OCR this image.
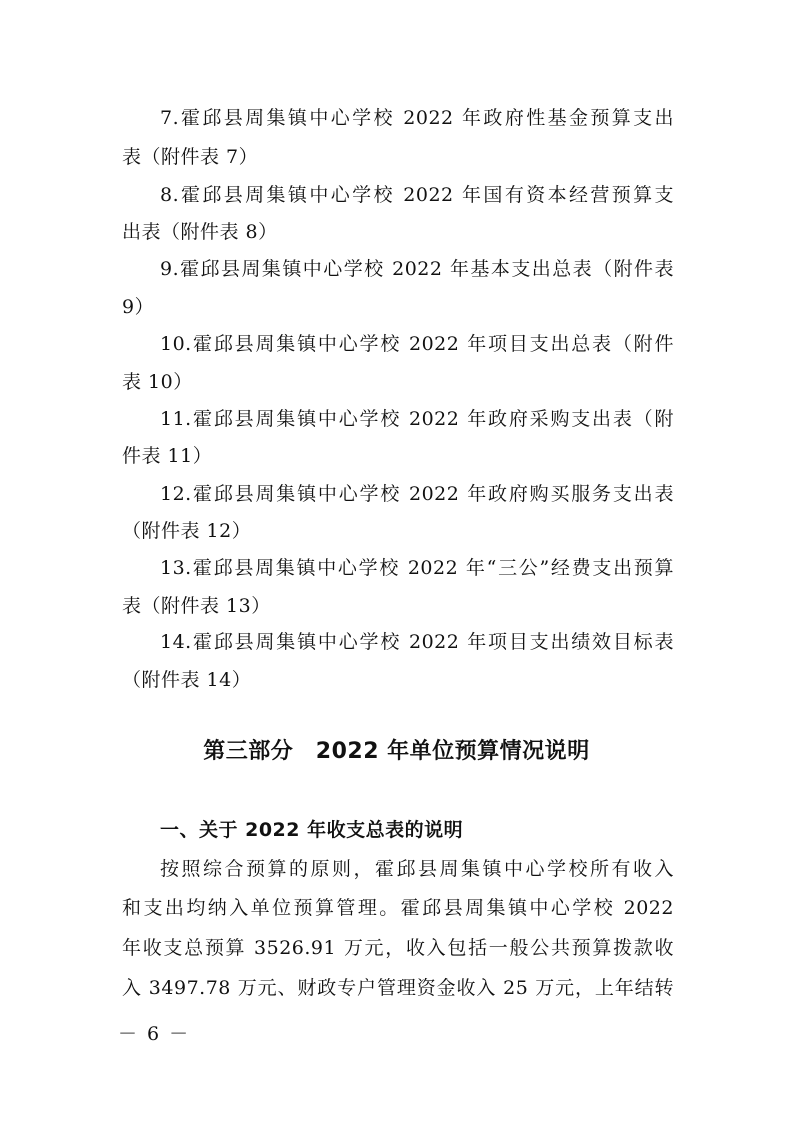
7.霍邱县周集镇中心学校 2022 年政府性基金预算支出
表（附件表 7）
8.霍邱县周集镇中心学校 2022 年国有资本经营预算支
出表（附件表 8）
9.霍邱县周集镇中心学校 2022 年基本支出总表（附件表
9）
10.霍邱县周集镇中心学校 2022 年项目支出总表（附件
表 10）
11.霍邱县周集镇中心学校 2022 年政府采购支出表（附
件表 11）
12.霍邱县周集镇中心学校 2022 年政府购买服务支出表
（附件表 12）
13.霍邱县周集镇中心学校 2022 年“三公”经费支出预算
表（附件表 13）
14.霍邱县周集镇中心学校 2022 年项目支出绩效目标表
（附件表 14）
第三部分　2022 年单位预算情况说明
一、关于 2022 年收支总表的说明
按照综合预算的原则，霍邱县周集镇中心学校所有收入
和支出均纳入单位预算管理。霍邱县周集镇中心学校 2022
年收支总预算 3526.91 万元，收入包括一般公共预算拨款收
入 3497.78 万元、财政专户管理资金收入 25 万元，上年结转
－ 6 －
